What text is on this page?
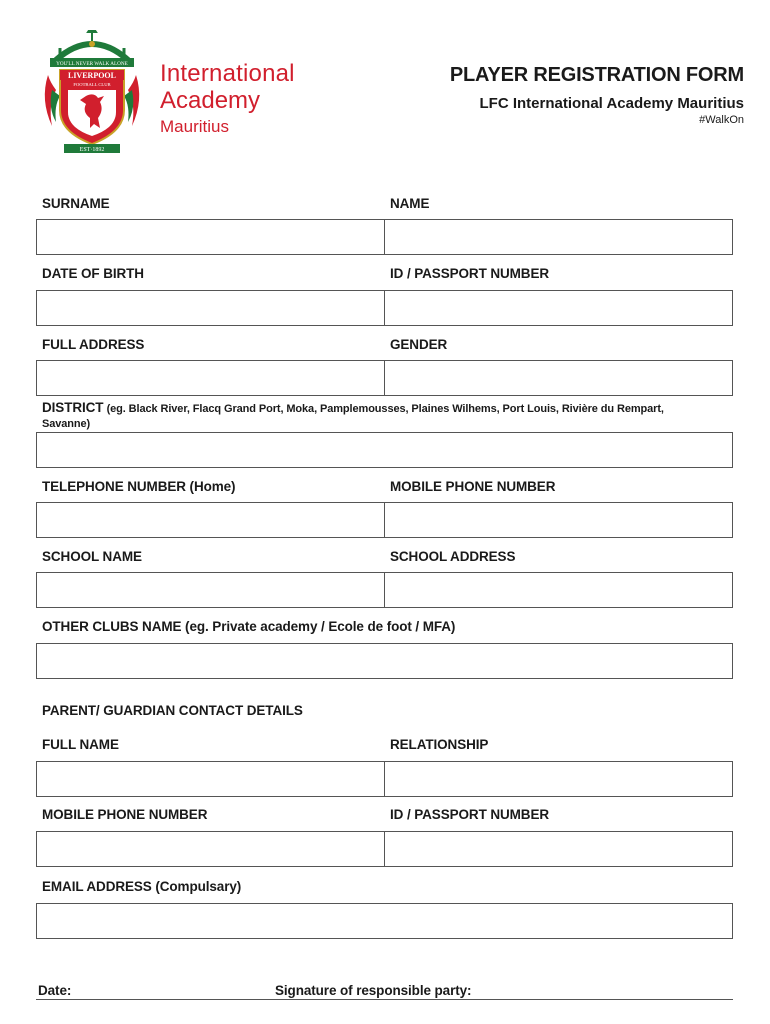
YOU'LL NEVER WALK ALONE
LIVERPOOL
FOOTBALL CLUB
EST·1892
International
Academy
Mauritius
PLAYER REGISTRATION FORM
LFC International Academy Mauritius
#WalkOn
SURNAME	NAME
DATE OF BIRTH	ID / PASSPORT NUMBER
FULL ADDRESS	GENDER
DISTRICT (eg. Black River, Flacq Grand Port, Moka, Pamplemousses, Plaines Wilhems, Port Louis, Rivière du Rempart, Savanne)
TELEPHONE NUMBER (Home)	MOBILE PHONE NUMBER
SCHOOL NAME	SCHOOL ADDRESS
OTHER CLUBS NAME (eg. Private academy / Ecole de foot / MFA)
PARENT/ GUARDIAN CONTACT DETAILS
FULL NAME	RELATIONSHIP
MOBILE PHONE NUMBER	ID / PASSPORT NUMBER
EMAIL ADDRESS (Compulsary)
Date:	Signature of responsible party:
